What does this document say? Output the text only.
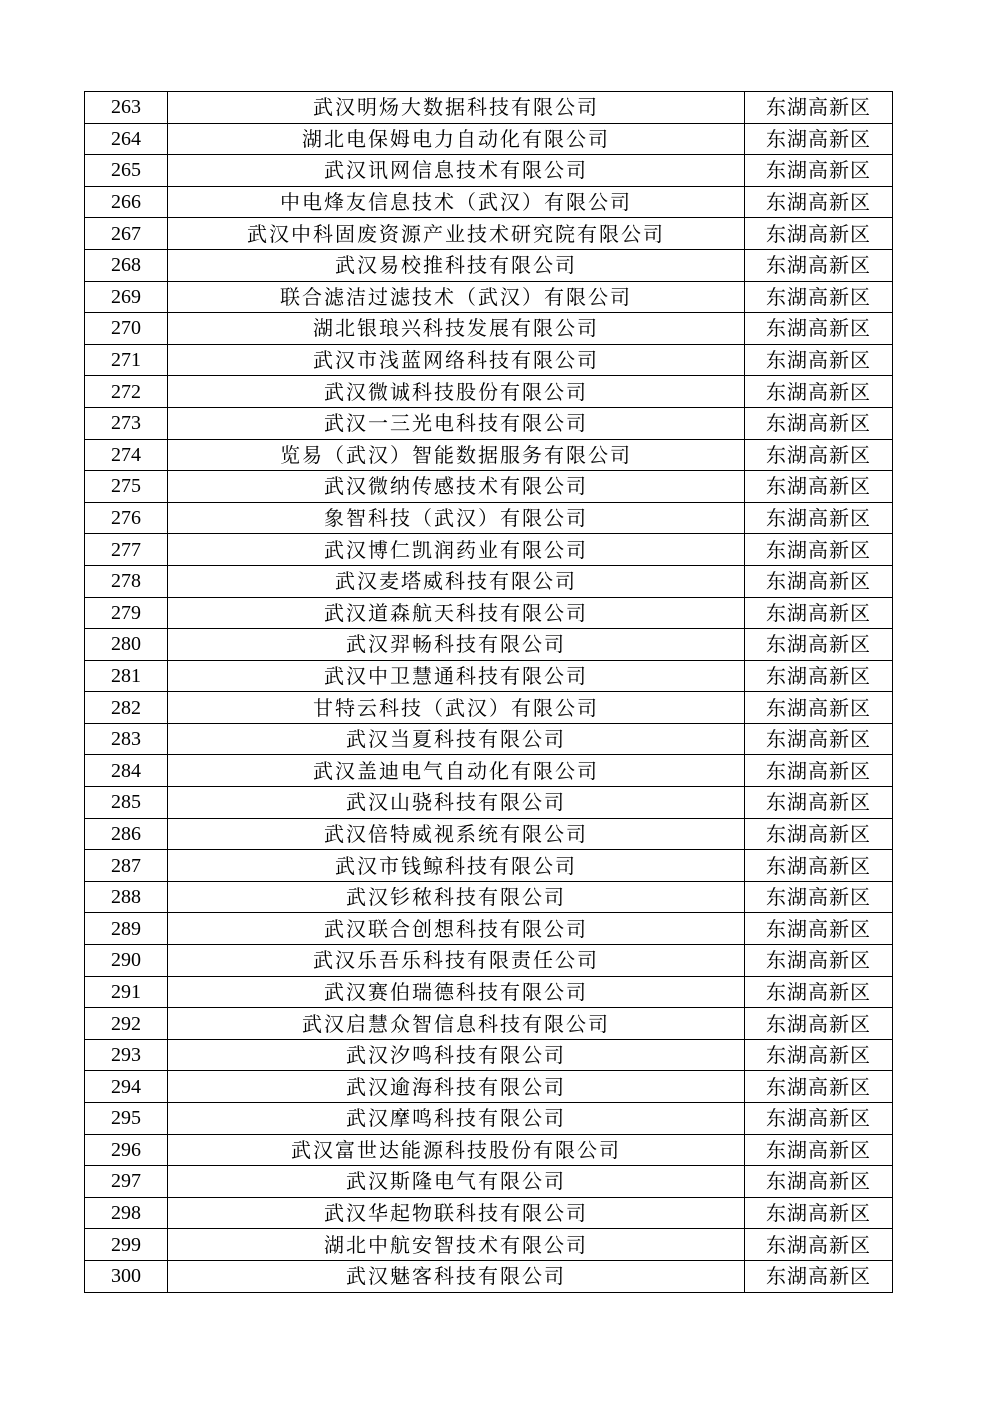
263	武汉明炀大数据科技有限公司	东湖高新区
264	湖北电保姆电力自动化有限公司	东湖高新区
265	武汉讯网信息技术有限公司	东湖高新区
266	中电烽友信息技术（武汉）有限公司	东湖高新区
267	武汉中科固废资源产业技术研究院有限公司	东湖高新区
268	武汉易校推科技有限公司	东湖高新区
269	联合滤洁过滤技术（武汉）有限公司	东湖高新区
270	湖北银琅兴科技发展有限公司	东湖高新区
271	武汉市浅蓝网络科技有限公司	东湖高新区
272	武汉微诚科技股份有限公司	东湖高新区
273	武汉一三光电科技有限公司	东湖高新区
274	览易（武汉）智能数据服务有限公司	东湖高新区
275	武汉微纳传感技术有限公司	东湖高新区
276	象智科技（武汉）有限公司	东湖高新区
277	武汉博仁凯润药业有限公司	东湖高新区
278	武汉麦塔威科技有限公司	东湖高新区
279	武汉道森航天科技有限公司	东湖高新区
280	武汉羿畅科技有限公司	东湖高新区
281	武汉中卫慧通科技有限公司	东湖高新区
282	甘特云科技（武汉）有限公司	东湖高新区
283	武汉当夏科技有限公司	东湖高新区
284	武汉盖迪电气自动化有限公司	东湖高新区
285	武汉山骁科技有限公司	东湖高新区
286	武汉倍特威视系统有限公司	东湖高新区
287	武汉市钱鲸科技有限公司	东湖高新区
288	武汉钐秾科技有限公司	东湖高新区
289	武汉联合创想科技有限公司	东湖高新区
290	武汉乐吾乐科技有限责任公司	东湖高新区
291	武汉赛伯瑞德科技有限公司	东湖高新区
292	武汉启慧众智信息科技有限公司	东湖高新区
293	武汉汐鸣科技有限公司	东湖高新区
294	武汉逾海科技有限公司	东湖高新区
295	武汉摩鸣科技有限公司	东湖高新区
296	武汉富世达能源科技股份有限公司	东湖高新区
297	武汉斯隆电气有限公司	东湖高新区
298	武汉华起物联科技有限公司	东湖高新区
299	湖北中航安智技术有限公司	东湖高新区
300	武汉魅客科技有限公司	东湖高新区
